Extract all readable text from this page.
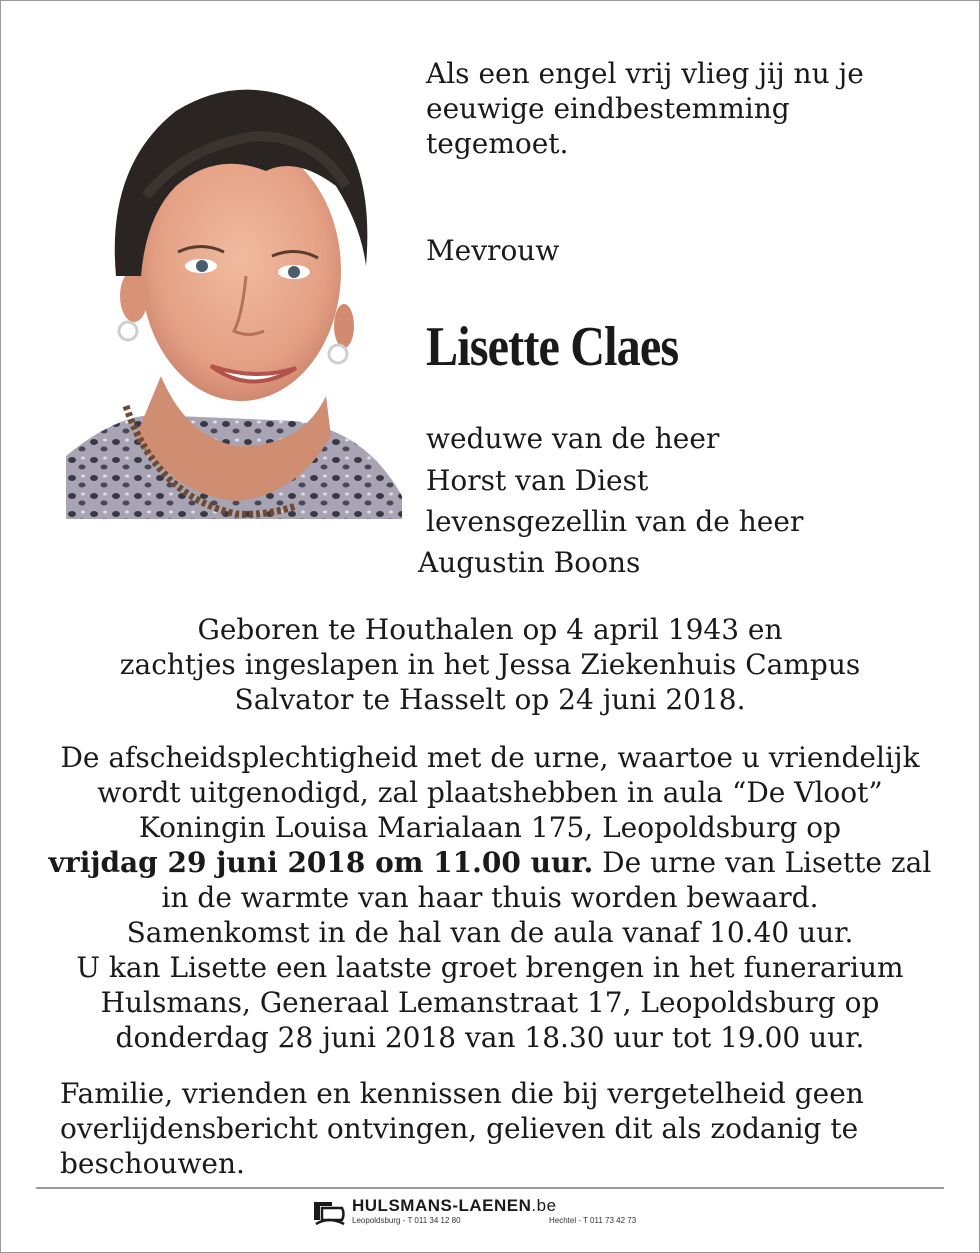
Als een engel vrij vlieg jij nu je

eeuwige eindbestemming

tegemoet.

Mevrouw
Lisette Claes
weduwe van de heer
Horst van Diest
levensgezellin van de heer
Augustin Boons

Geboren te Houthalen op 4 april 1943 en

zachtjes ingeslapen in het Jessa Ziekenhuis Campus

Salvator te Hasselt op 24 juni 2018.

De afscheidsplechtigheid met de urne, waartoe u vriendelijk

wordt uitgenodigd, zal plaatshebben in aula “De Vloot”

Koningin Louisa Marialaan 175, Leopoldsburg op

vrijdag 29 juni 2018 om 11.00 uur. De urne van Lisette zal

in de warmte van haar thuis worden bewaard.

Samenkomst in de hal van de aula vanaf 10.40 uur.

U kan Lisette een laatste groet brengen in het funerarium

Hulsmans, Generaal Lemanstraat 17, Leopoldsburg op

donderdag 28 juni 2018 van 18.30 uur tot 19.00 uur.

Familie, vrienden en kennissen die bij vergetelheid geen

overlijdensbericht ontvingen, gelieven dit als zodanig te

beschouwen.

HULSMANS-LAENEN.be
Leopoldsburg - T 011 34 12 80	Hechtel - T 011 73 42 73
